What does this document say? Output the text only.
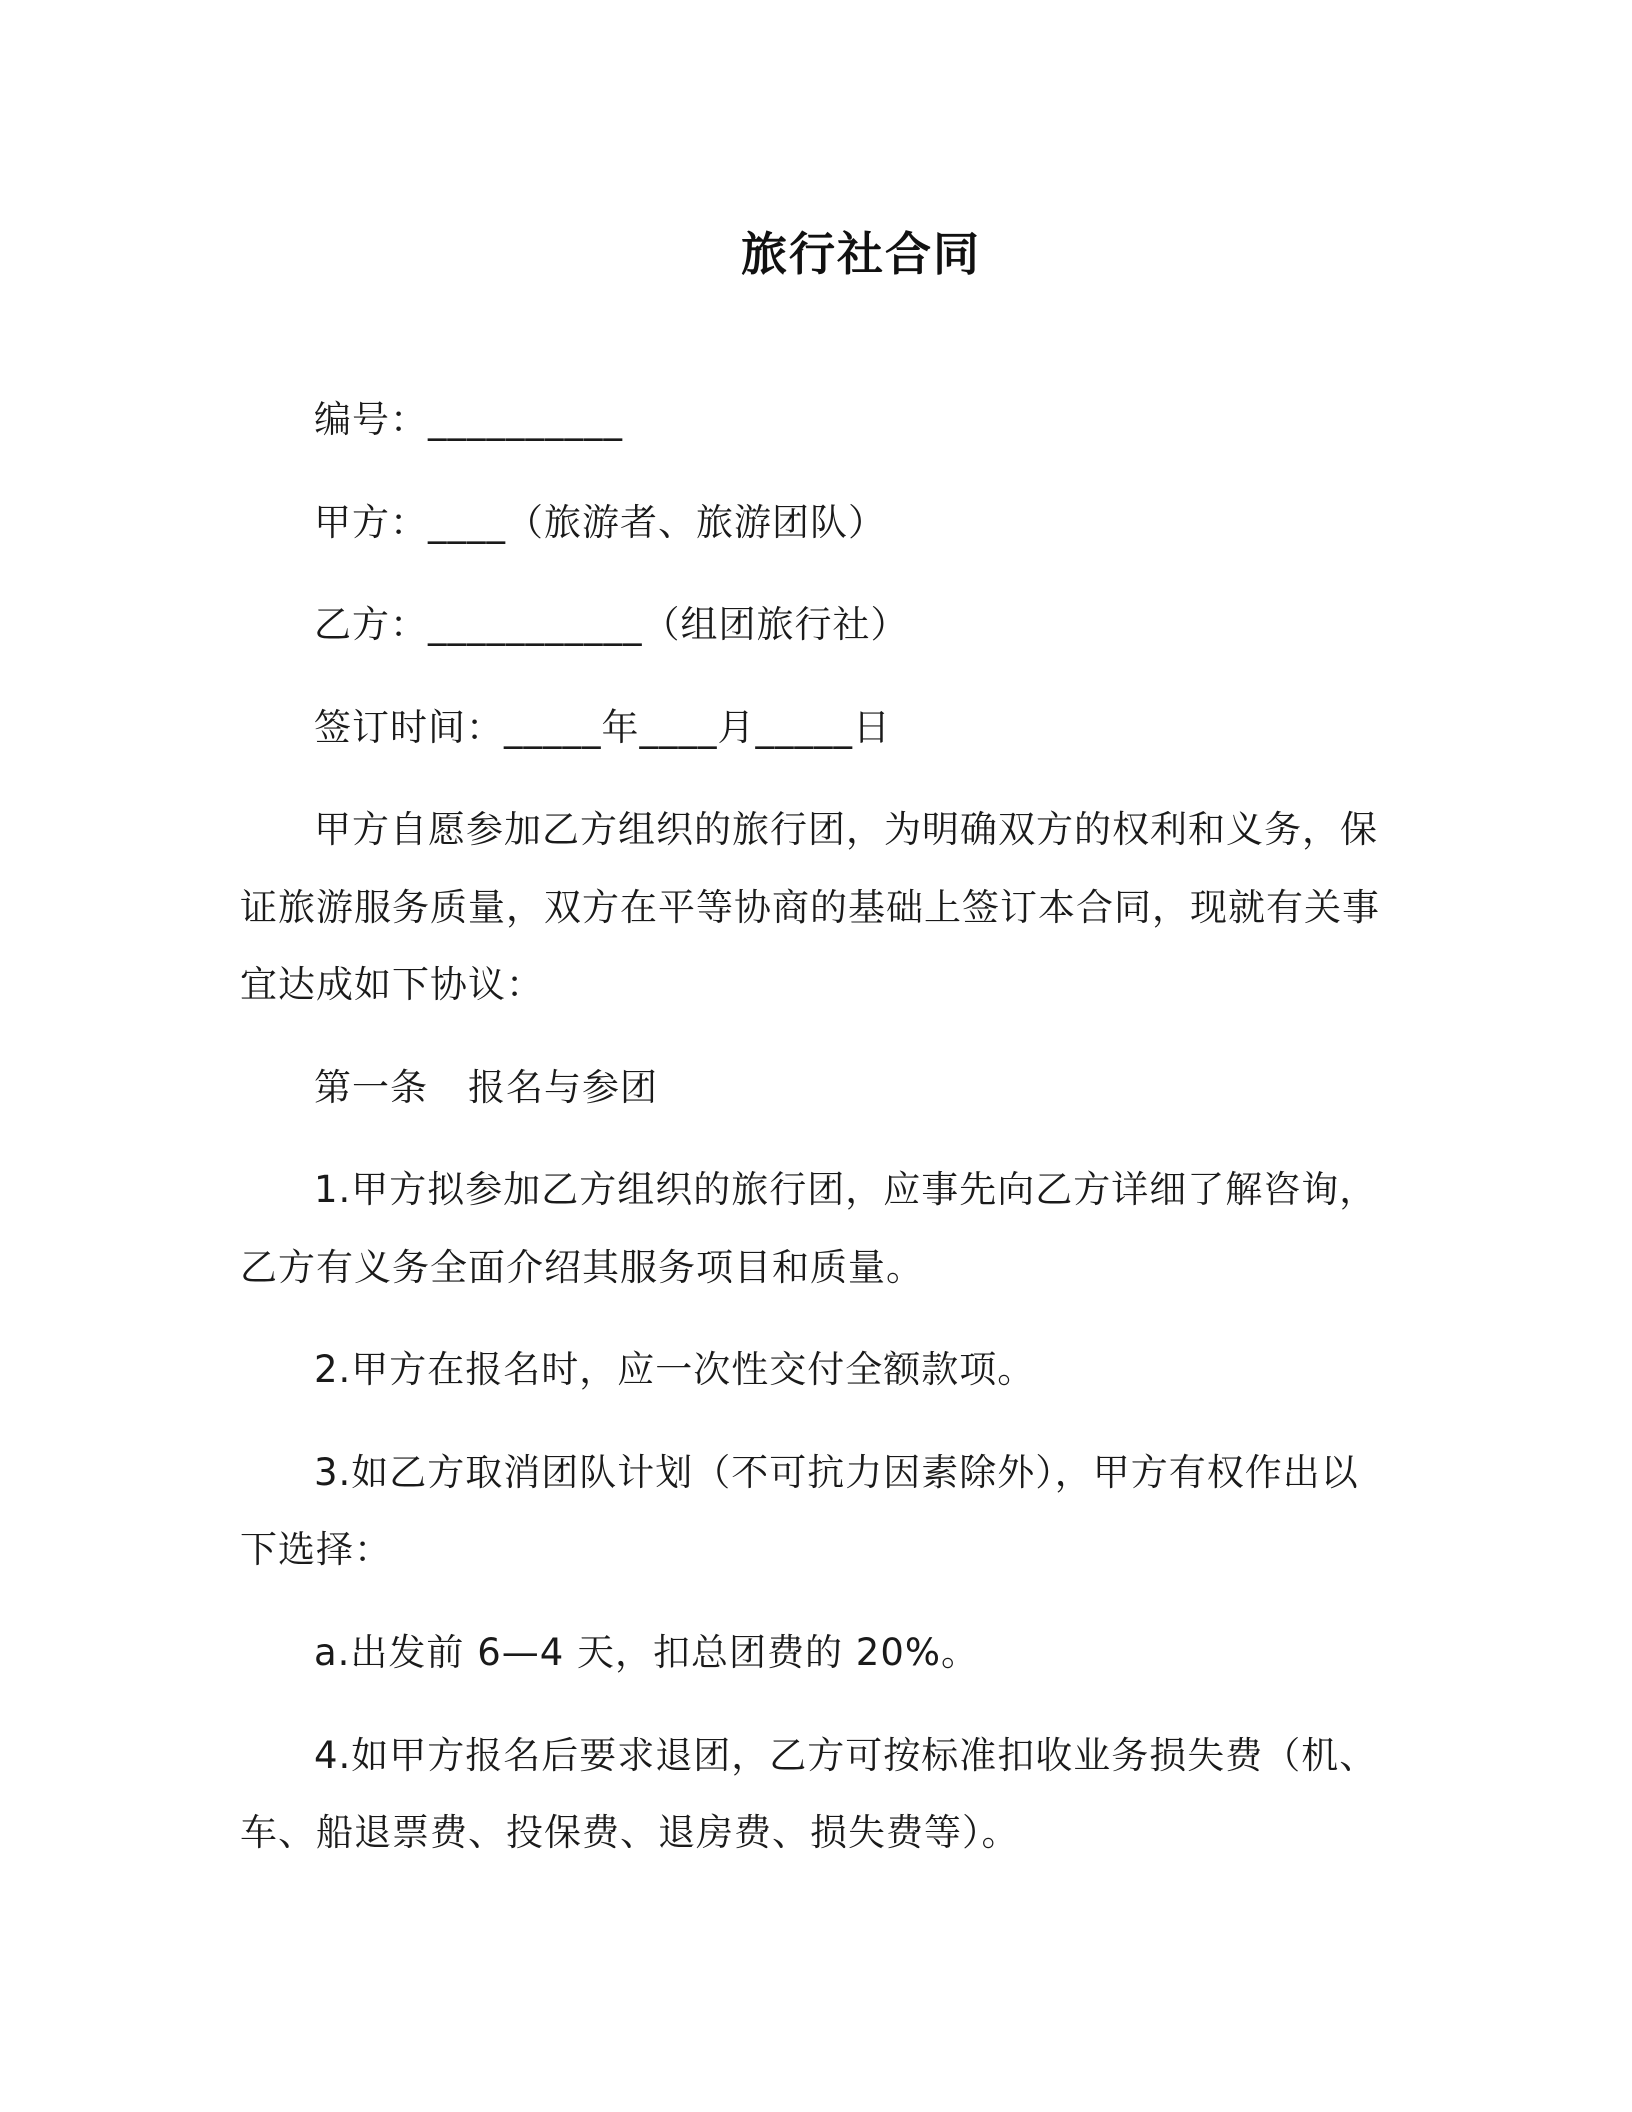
旅行社合同
编号：__________
甲方：____（旅游者、旅游团队）
乙方：___________（组团旅行社）
签订时间：_____年____月_____日
甲方自愿参加乙方组织的旅行团，为明确双方的权利和义务，保
证旅游服务质量，双方在平等协商的基础上签订本合同，现就有关事
宜达成如下协议：
第一条 报名与参团
1.甲方拟参加乙方组织的旅行团，应事先向乙方详细了解咨询，
乙方有义务全面介绍其服务项目和质量。
2.甲方在报名时，应一次性交付全额款项。
3.如乙方取消团队计划（不可抗力因素除外），甲方有权作出以
下选择：
a.出发前 6—4 天，扣总团费的 20%。
4.如甲方报名后要求退团，乙方可按标准扣收业务损失费（机、
车、船退票费、投保费、退房费、损失费等）。
